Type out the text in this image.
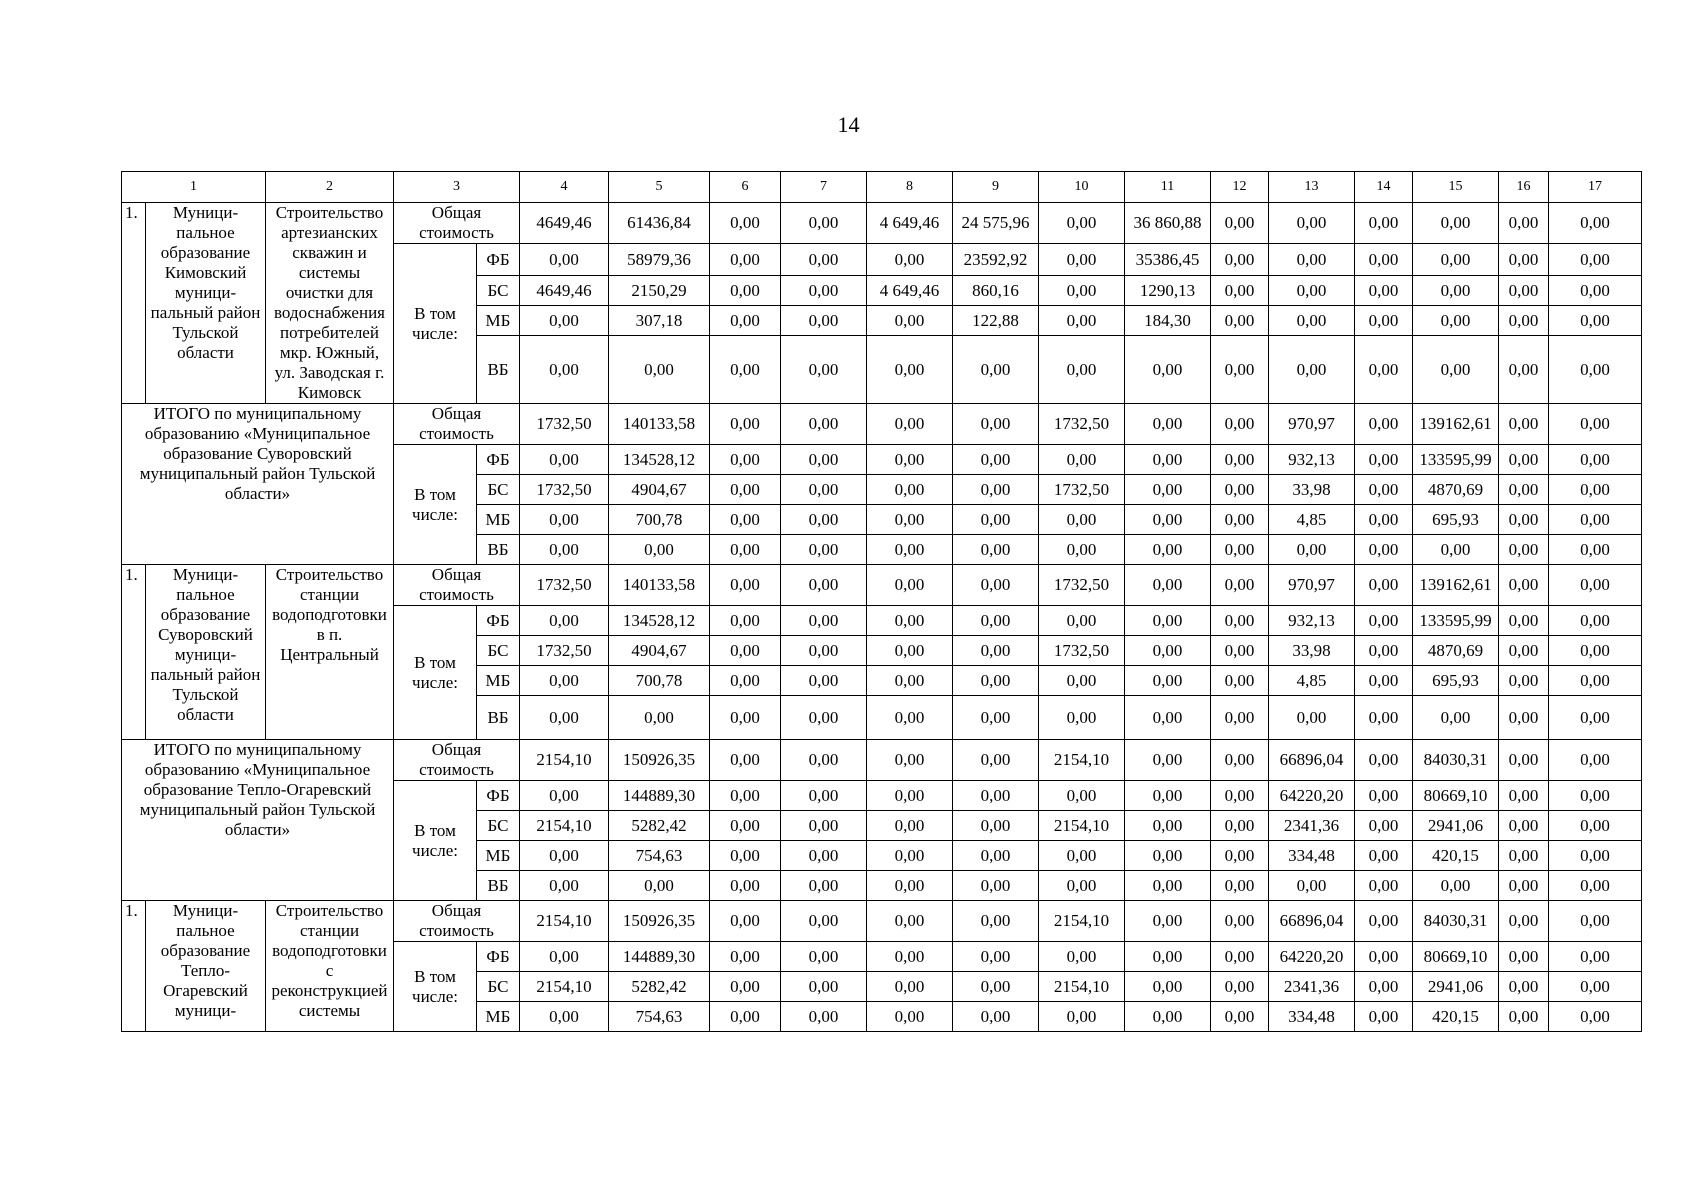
14
1		2	3		4	5	6	7	8	9	10	11	12	13	14	15	16	17
1.	Муници-пальное образование Кимовский муници-пальный район Тульской области	Строительство артезианских скважин и системы очистки для водоснабжения потребителей мкр. Южный, ул. Заводская г. Кимовск	Общая стоимость		4649,46	61436,84	0,00	0,00	4 649,46	24 575,96	0,00	36 860,88	0,00	0,00	0,00	0,00	0,00	0,00
			В том числе:	ФБ	0,00	58979,36	0,00	0,00	0,00	23592,92	0,00	35386,45	0,00	0,00	0,00	0,00	0,00	0,00
				БС	4649,46	2150,29	0,00	0,00	4 649,46	860,16	0,00	1290,13	0,00	0,00	0,00	0,00	0,00	0,00
				МБ	0,00	307,18	0,00	0,00	0,00	122,88	0,00	184,30	0,00	0,00	0,00	0,00	0,00	0,00
				ВБ	0,00	0,00	0,00	0,00	0,00	0,00	0,00	0,00	0,00	0,00	0,00	0,00	0,00	0,00
ИТОГО по муниципальному образованию «Муниципальное образование Суворовский муниципальный район Тульской области»			Общая стоимость		1732,50	140133,58	0,00	0,00	0,00	0,00	1732,50	0,00	0,00	970,97	0,00	139162,61	0,00	0,00
			В том числе:	ФБ	0,00	134528,12	0,00	0,00	0,00	0,00	0,00	0,00	0,00	932,13	0,00	133595,99	0,00	0,00
				БС	1732,50	4904,67	0,00	0,00	0,00	0,00	1732,50	0,00	0,00	33,98	0,00	4870,69	0,00	0,00
				МБ	0,00	700,78	0,00	0,00	0,00	0,00	0,00	0,00	0,00	4,85	0,00	695,93	0,00	0,00
				ВБ	0,00	0,00	0,00	0,00	0,00	0,00	0,00	0,00	0,00	0,00	0,00	0,00	0,00	0,00
1.	Муници-пальное образование Суворовский муници-пальный район Тульской области	Строительство станции водоподготовки в п. Центральный	Общая стоимость		1732,50	140133,58	0,00	0,00	0,00	0,00	1732,50	0,00	0,00	970,97	0,00	139162,61	0,00	0,00
			В том числе:	ФБ	0,00	134528,12	0,00	0,00	0,00	0,00	0,00	0,00	0,00	932,13	0,00	133595,99	0,00	0,00
				БС	1732,50	4904,67	0,00	0,00	0,00	0,00	1732,50	0,00	0,00	33,98	0,00	4870,69	0,00	0,00
				МБ	0,00	700,78	0,00	0,00	0,00	0,00	0,00	0,00	0,00	4,85	0,00	695,93	0,00	0,00
				ВБ	0,00	0,00	0,00	0,00	0,00	0,00	0,00	0,00	0,00	0,00	0,00	0,00	0,00	0,00
ИТОГО по муниципальному образованию «Муниципальное образование Тепло-Огаревский муниципальный район Тульской области»			Общая стоимость		2154,10	150926,35	0,00	0,00	0,00	0,00	2154,10	0,00	0,00	66896,04	0,00	84030,31	0,00	0,00
			В том числе:	ФБ	0,00	144889,30	0,00	0,00	0,00	0,00	0,00	0,00	0,00	64220,20	0,00	80669,10	0,00	0,00
				БС	2154,10	5282,42	0,00	0,00	0,00	0,00	2154,10	0,00	0,00	2341,36	0,00	2941,06	0,00	0,00
				МБ	0,00	754,63	0,00	0,00	0,00	0,00	0,00	0,00	0,00	334,48	0,00	420,15	0,00	0,00
				ВБ	0,00	0,00	0,00	0,00	0,00	0,00	0,00	0,00	0,00	0,00	0,00	0,00	0,00	0,00
1.	Муници-пальное образование Тепло-Огаревский муници-	Строительство станции водоподготовки с реконструкцией системы	Общая стоимость		2154,10	150926,35	0,00	0,00	0,00	0,00	2154,10	0,00	0,00	66896,04	0,00	84030,31	0,00	0,00
			В том числе:	ФБ	0,00	144889,30	0,00	0,00	0,00	0,00	0,00	0,00	0,00	64220,20	0,00	80669,10	0,00	0,00
				БС	2154,10	5282,42	0,00	0,00	0,00	0,00	2154,10	0,00	0,00	2341,36	0,00	2941,06	0,00	0,00
				МБ	0,00	754,63	0,00	0,00	0,00	0,00	0,00	0,00	0,00	334,48	0,00	420,15	0,00	0,00
